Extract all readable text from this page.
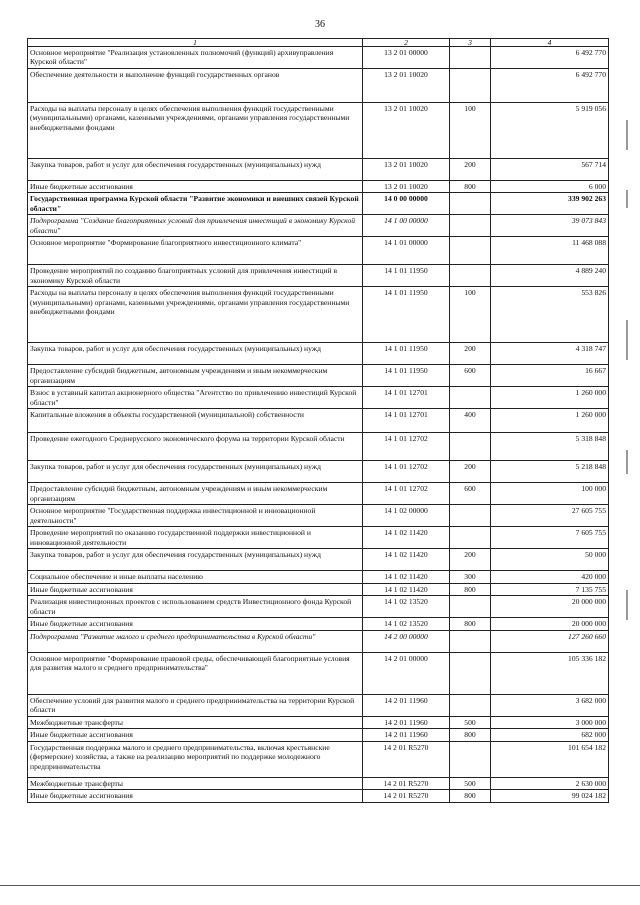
36
1	2	3	4
Основное мероприятие "Реализация установленных полномочий (функций) архивуправления Курской области"	13 2 01 00000		6 492 770
Обеспечение деятельности и выполнение функций государственных органов	13 2 01 10020		6 492 770
Расходы на выплаты персоналу в целях обеспечения выполнения функций государственными (муниципальными) органами, казенными учреждениями, органами управления государственными внебюджетными фондами	13 2 01 10020	100	5 919 056
Закупка товаров, работ и услуг для обеспечения государственных (муниципальных) нужд	13 2 01 10020	200	567 714
Иные бюджетные ассигнования	13 2 01 10020	800	6 000
Государственная программа Курской области "Развитие экономики и внешних связей Курской области"	14 0 00 00000		339 902 263
Подпрограмма "Создание благоприятных условий для привлечения инвестиций в экономику Курской области"	14 1 00 00000		39 073 843
Основное мероприятие "Формирование благоприятного инвестиционного климата"	14 1 01 00000		11 468 088
Проведение мероприятий по созданию благоприятных условий для привлечения инвестиций в экономику Курской области	14 1 01 11950		4 889 240
Расходы на выплаты персоналу в целях обеспечения выполнения функций государственными (муниципальными) органами, казенными учреждениями, органами управления государственными внебюджетными фондами	14 1 01 11950	100	553 826
Закупка товаров, работ и услуг для обеспечения государственных (муниципальных) нужд	14 1 01 11950	200	4 318 747
Предоставление субсидий бюджетным, автономным учреждениям и иным некоммерческим организациям	14 1 01 11950	600	16 667
Взнос в уставный капитал акционерного общества "Агентство по привлечению инвестиций Курской области"	14 1 01 12701		1 260 000
Капитальные вложения в объекты государственной (муниципальной) собственности	14 1 01 12701	400	1 260 000
Проведение ежегодного Среднерусского экономического форума на территории Курской области	14 1 01 12702		5 318 848
Закупка товаров, работ и услуг для обеспечения государственных (муниципальных) нужд	14 1 01 12702	200	5 218 848
Предоставление субсидий бюджетным, автономным учреждениям и иным некоммерческим организациям	14 1 01 12702	600	100 000
Основное мероприятие "Государственная поддержка инвестиционной и инновационной деятельности"	14 1 02 00000		27 605 755
Проведение мероприятий по оказанию государственной поддержки инвестиционной и инновационной деятельности	14 1 02 11420		7 605 755
Закупка товаров, работ и услуг для обеспечения государственных (муниципальных) нужд	14 1 02 11420	200	50 000
Социальное обеспечение и иные выплаты населению	14 1 02 11420	300	420 000
Иные бюджетные ассигнования	14 1 02 11420	800	7 135 755
Реализация инвестиционных проектов с использованием средств Инвестиционного фонда Курской области	14 1 02 13520		20 000 000
Иные бюджетные ассигнования	14 1 02 13520	800	20 000 000
Подпрограмма "Развитие малого и среднего предпринимательства в Курской области"	14 2 00 00000		127 260 660
Основное мероприятие "Формирование правовой среды, обеспечивающей благоприятные условия для развития малого и среднего предпринимательства"	14 2 01 00000		105 336 182
Обеспечение условий для развития малого и среднего предпринимательства на территории Курской области	14 2 01 11960		3 682 000
Межбюджетные трансферты	14 2 01 11960	500	3 000 000
Иные бюджетные ассигнования	14 2 01 11960	800	682 000
Государственная поддержка малого и среднего предпринимательства, включая крестьянские (фермерские) хозяйства, а также на реализацию мероприятий по поддержке молодежного предпринимательства	14 2 01 R5270		101 654 182
Межбюджетные трансферты	14 2 01 R5270	500	2 630 000
Иные бюджетные ассигнования	14 2 01 R5270	800	99 024 182
